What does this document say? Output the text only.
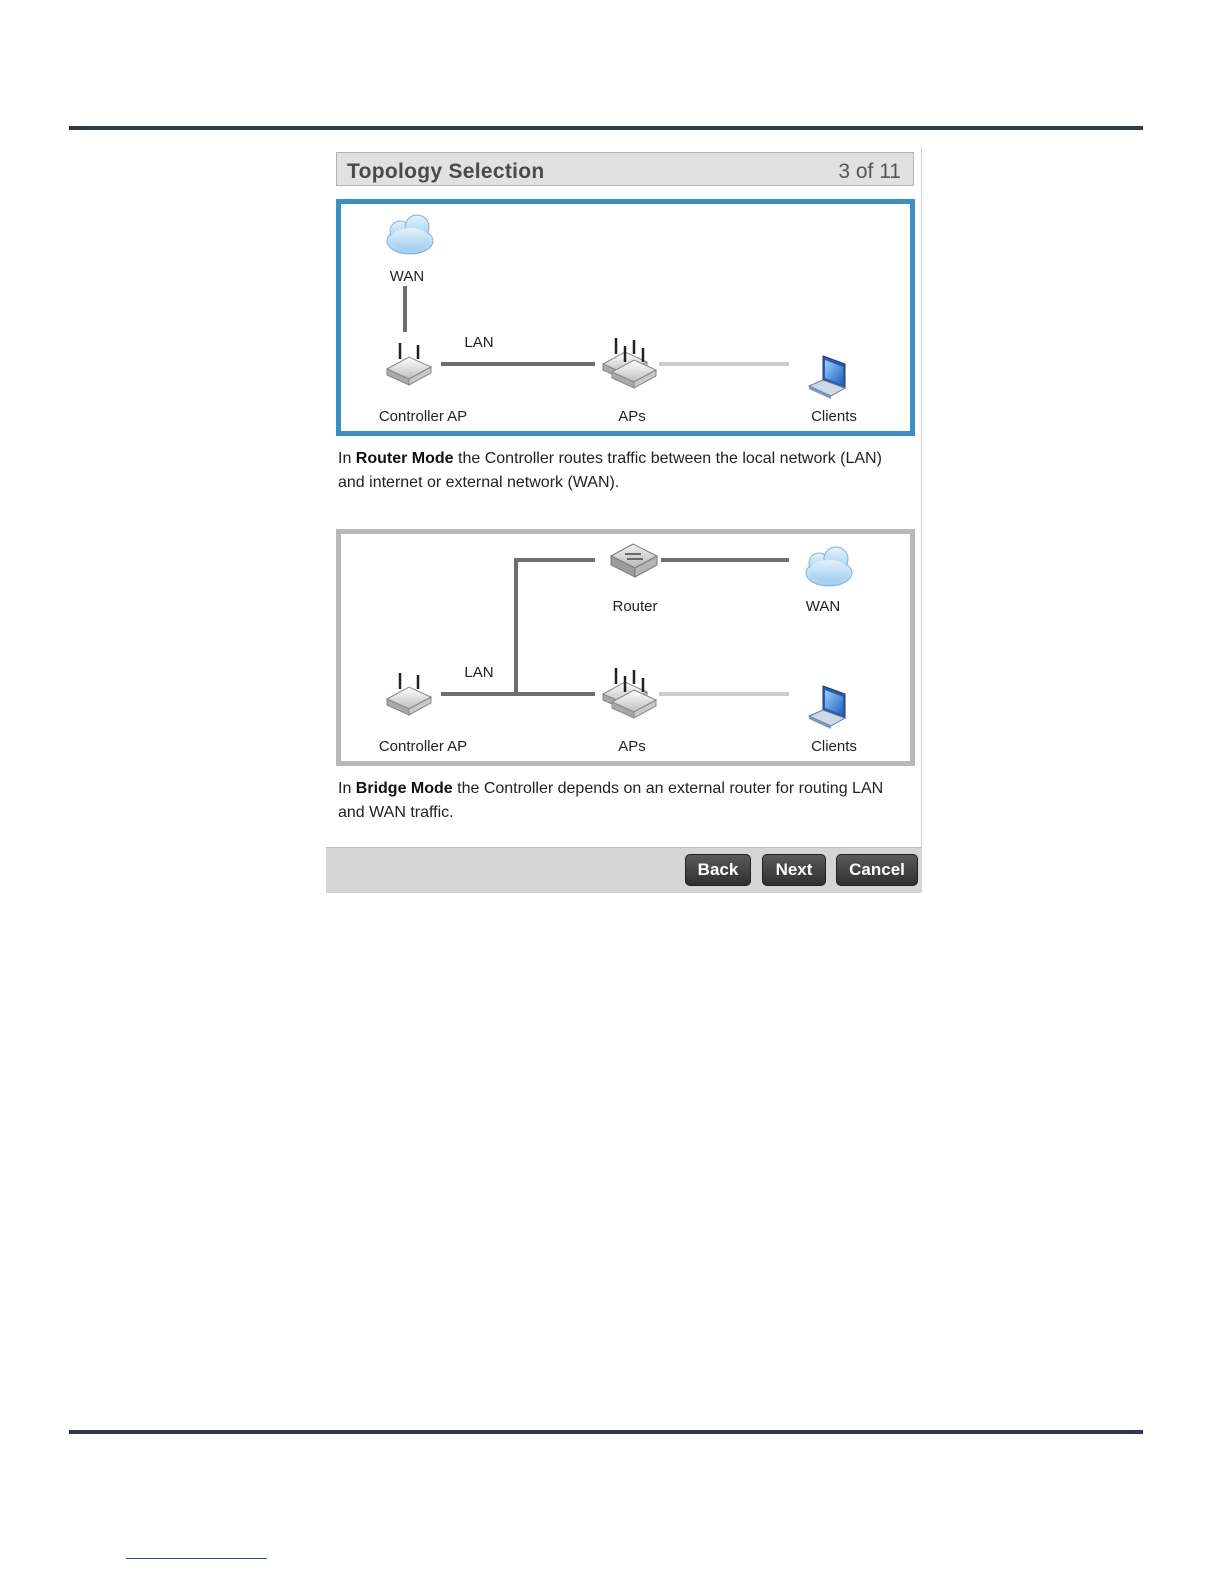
Topology Selection	3 of 11
WAN
LAN
Controller AP	APs	Clients
In Router Mode the Controller routes traffic between the local network (LAN) and internet or external network (WAN).
Router	WAN
LAN
Controller AP	APs	Clients
In Bridge Mode the Controller depends on an external router for routing LAN and WAN traffic.
Back	Next	Cancel
